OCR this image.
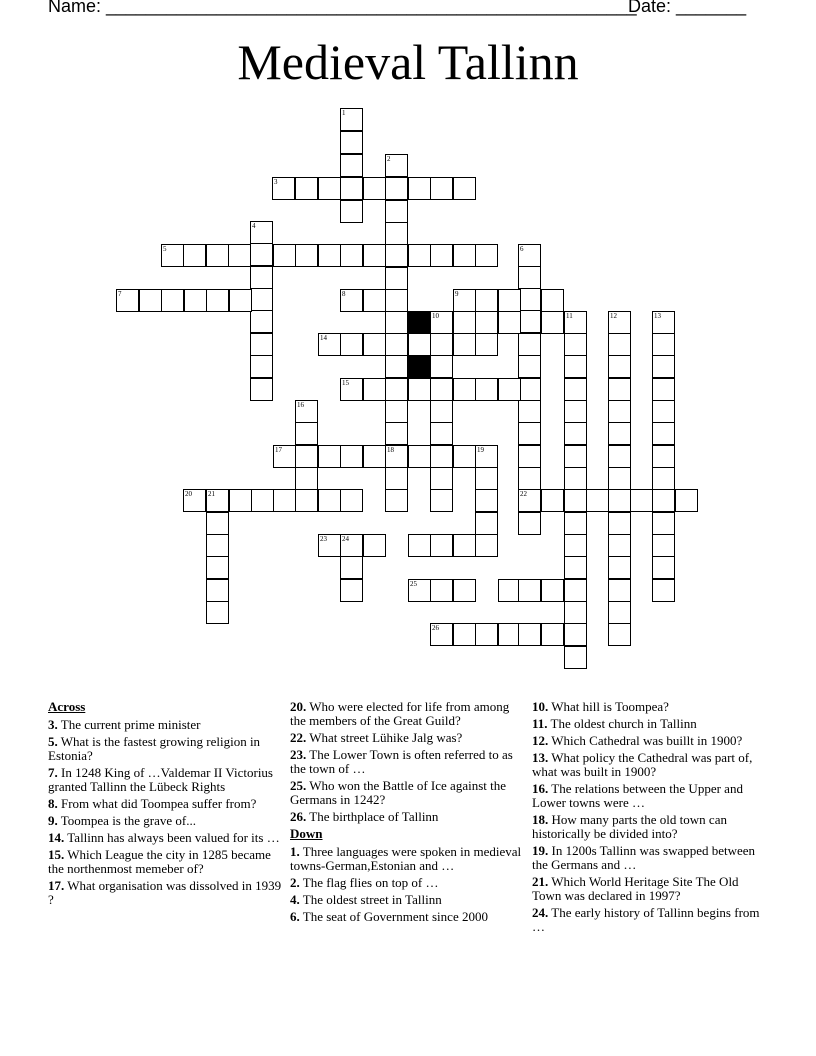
Name: _____________________________________________________
Date: _______
Medieval Tallinn
1
2
18
3
4
5	6
22
7	8	9
10	11	12	13
14
15
16
17	19
20 21
23 24
25
26
Across
3. The current prime minister
5. What is the fastest growing religion in Estonia?
7. In 1248 King of …Valdemar II Victorius granted Tallinn the Lübeck Rights
8. From what did Toompea suffer from?
9. Toompea is the grave of...
14. Tallinn has always been valued for its …
15. Which League the city in 1285 became the northenmost memeber of?
17. What organisation was dissolved in 1939 ?
20. Who were elected for life from among the members of the Great Guild?
22. What street Lühike Jalg was?
23. The Lower Town is often referred to as the town of …
25. Who won the Battle of Ice against the Germans in 1242?
26. The birthplace of Tallinn
Down
1. Three languages were spoken in medieval towns-German,Estonian and …
2. The flag flies on top of …
4. The oldest street in Tallinn
6. The seat of Government since 2000
10. What hill is Toompea?
11. The oldest church in Tallinn
12. Which Cathedral was buillt in 1900?
13. What policy the Cathedral was part of, what was built in 1900?
16. The relations between the Upper and Lower towns were …
18. How many parts the old town can historically be divided into?
19. In 1200s Tallinn was swapped between the Germans and …
21. Which World Heritage Site The Old Town was declared in 1997?
24. The early history of Tallinn begins from …
